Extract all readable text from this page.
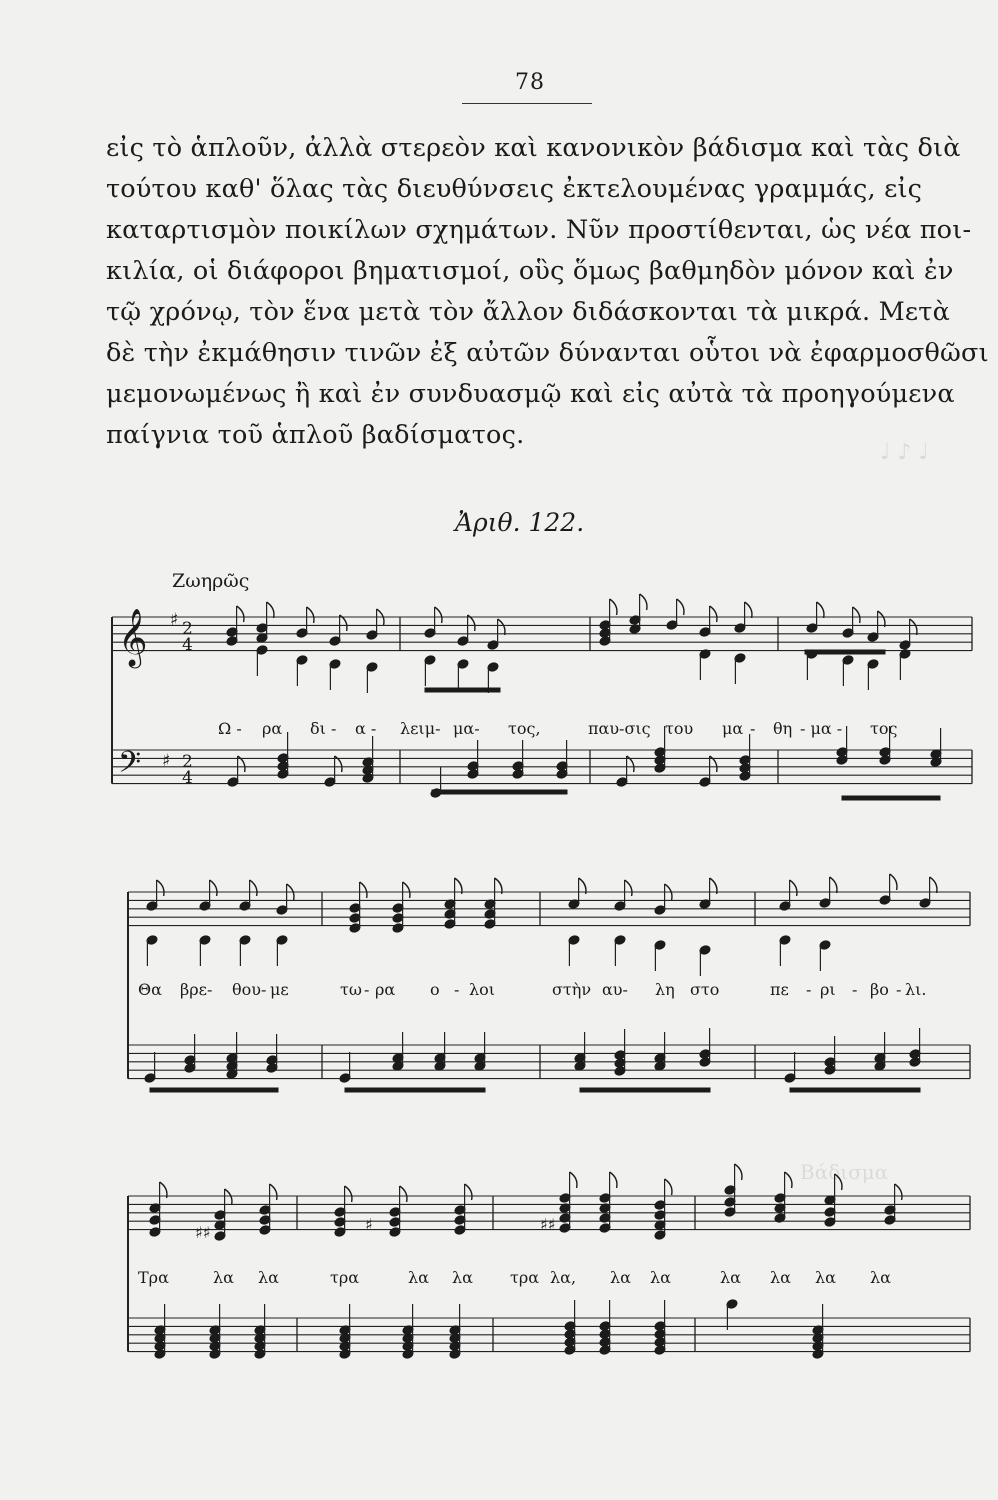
♩ ♪ ♩
Βάδισμα
78
εἰς τὸ ἁπλοῦν, ἀλλὰ στερεὸν καὶ κανονικὸν βάδισμα καὶ τὰς διὰ
τούτου καθ' ὅλας τὰς διευθύνσεις ἐκτελουμένας γραμμάς, εἰς
καταρτισμὸν ποικίλων σχημάτων. Νῦν προστίθενται, ὡς νέα ποι-
κιλία, οἱ διάφοροι βηματισμοί, οὓς ὅμως βαθμηδὸν μόνον καὶ ἐν
τῷ χρόνῳ, τὸν ἕνα μετὰ τὸν ἄλλον διδάσκονται τὰ μικρά. Μετὰ
δὲ τὴν ἐκμάθησιν τινῶν ἐξ αὐτῶν δύνανται οὗτοι νὰ ἐφαρμοσθῶσι
μεμονωμένως ἢ καὶ ἐν συνδυασμῷ καὶ εἰς αὐτὰ τὰ προηγούμενα
παίγνια τοῦ ἁπλοῦ βαδίσματος.
Ἀριθ. 122.
Ζωηρῶς
𝄞
𝄢
♯
♯
2
4
2
4
♯♯	♯	♯♯
Ω - ρα δι - α - λειμ- μα- τος,	παυ-σις του μα - θη - μα - τος
Θα βρε- θου- με	τω - ρα ο - λοι	στὴν αυ- λη στο	πε - ρι - βο - λι.
Τρα	λα λα	τρα	λα λα τρα λα, λα λα	λα λα λα λα
